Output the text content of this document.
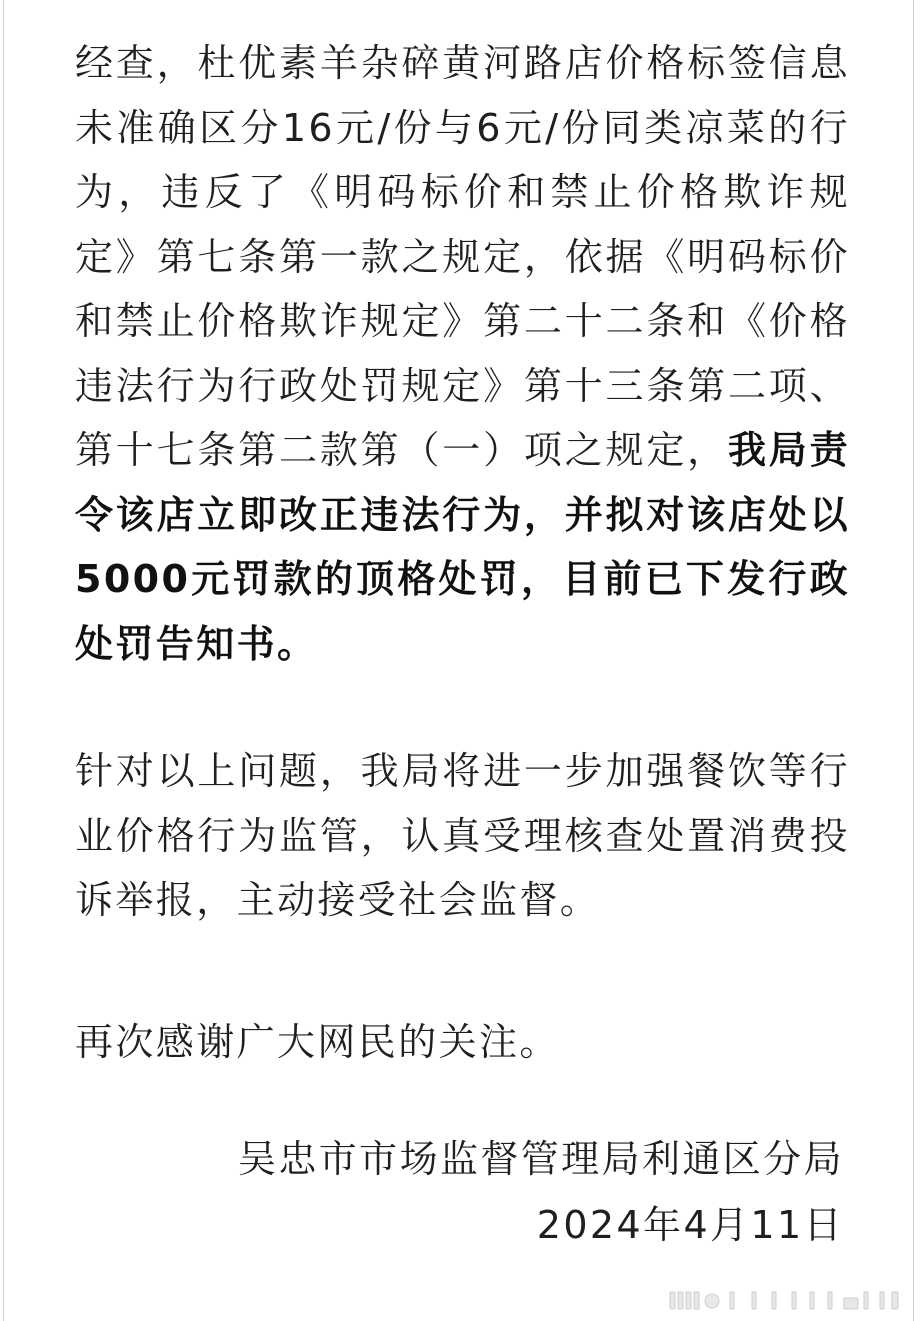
经查，杜优素羊杂碎黄河路店价格标签信息未准确区分16元/份与6元/份同类凉菜的行为，违反了《明码标价和禁止价格欺诈规定》第七条第一款之规定，依据《明码标价和禁止价格欺诈规定》第二十二条和《价格违法行为行政处罚规定》第十三条第二项、第十七条第二款第（一）项之规定，我局责令该店立即改正违法行为，并拟对该店处以5000元罚款的顶格处罚，目前已下发行政处罚告知书。
针对以上问题，我局将进一步加强餐饮等行业价格行为监管，认真受理核查处置消费投诉举报，主动接受社会监督。
再次感谢广大网民的关注。
吴忠市市场监督管理局利通区分局
2024年4月11日
